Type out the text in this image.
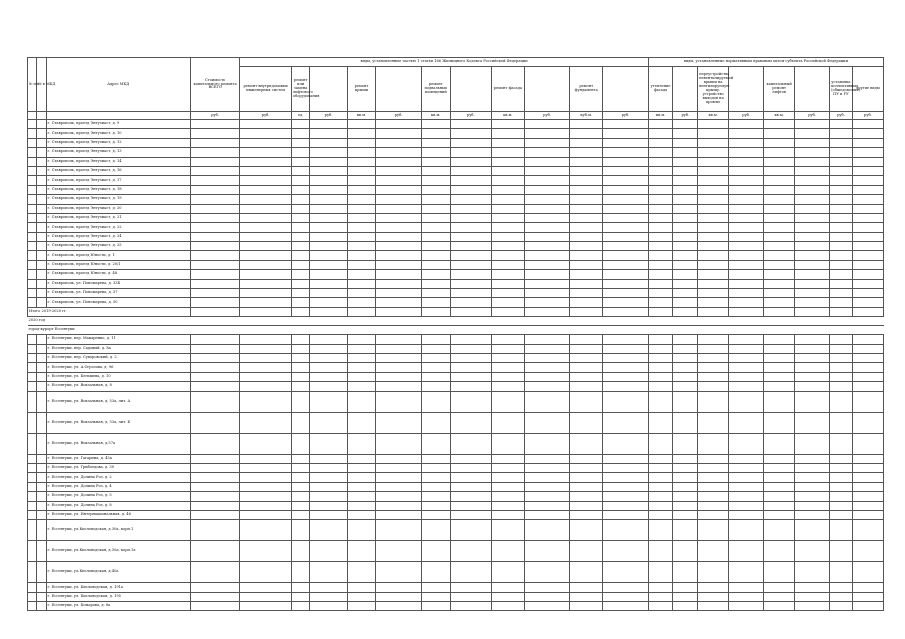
№ п/п	№ в МКД	Адрес МКД	Стоимость капитального ремонта ВСЕГО	виды, установленные частью 1 статьи 166 Жилищного Кодекса Российской Федерации											виды, установленные нормативным правовым актом субъекта Российской Федерации							
				ремонт внутридомовых инженерных систем	ремонт или замена лифтового оборудования		ремонт крыши		ремонт подвальных помещений		ремонт фасада		ремонт фундамента		утепление фасада		переустройство невентилируемой крыши на вентилируемую крышу, устройство выходов на кровлю		капитальный ремонт лифтов		установка коллективных (общедомовых) ПУ и УУ	другие виды
			руб.	руб.	ед.	руб.	кв.м.	руб.	кв.м.	руб.	кв.м.	руб.	куб.м.	руб.	кв.м.	руб.	кв.м.	руб.	кв.м.	руб.	руб.	руб.
		г. Ставрополь, проезд Энтузиаст, д. 9																				
		г. Ставрополь, проезд Энтузиаст, д. 10																				
		г. Ставрополь, проезд Энтузиаст, д. 12																				
		г. Ставрополь, проезд Энтузиаст, д. 13																				
		г. Ставрополь, проезд Энтузиаст, д. 14																				
		г. Ставрополь, проезд Энтузиаст, д. 16																				
		г. Ставрополь, проезд Энтузиаст, д. 17																				
		г. Ставрополь, проезд Энтузиаст, д. 18																				
		г. Ставрополь, проезд Энтузиаст, д. 19																				
		г. Ставрополь, проезд Энтузиаст, д. 20																				
		г. Ставрополь, проезд Энтузиаст, д. 21																				
		г. Ставрополь, проезд Энтузиаст, д. 22																				
		г. Ставрополь, проезд Энтузиаст, д. 24																				
		г. Ставрополь, проезд Энтузиаст, д. 25																				
		г. Ставрополь, проезд Юности, д. 1																				
		г. Ставрополь, проезд Юности, д. 20/1																				
		г. Ставрополь, проезд Юности, д. 48																				
		г. Ставрополь, ул. Пономарева, д. 33Б																				
		г. Ставрополь, ул. Пономарева, д. 37																				
		г. Ставрополь, ул. Пономарева, д. 50																				
Итого 2019-2020 гг.																						
2020 год																						
город-курорт Ессентуки																						
		г. Ессентуки, пер. Макаренко, д. 11																				
		г. Ессентуки, пер. Садовый, д. 8а																				
		г. Ессентуки, пер. Суворовский, д. 2																				
		г. Ессентуки, ул. А.Огрозова, д. 96																				
		г. Ессентуки, ул. Бегишева, д. 10																				
		г. Ессентуки, ул. Вокзальная, д. 8																				
		г. Ессентуки, ул. Вокзальная, д. 53а, лит. А																				
		г. Ессентуки, ул. Вокзальная, д. 53а, лит. Б																				
		г. Ессентуки, ул. Вокзальная, д.57а																				
		г. Ессентуки, ул. Гагарина, д. 43а																				
		г. Ессентуки, ул. Грибоедова, д. 30																				
		г. Ессентуки, ул. Долина Роз, д. 2																				
		г. Ессентуки, ул. Долина Роз, д. 4																				
		г. Ессентуки, ул. Долина Роз, д. 5																				
		г. Ессентуки, ул. Долина Роз, д. 8																				
		г. Ессентуки, ул. Интернациональная, д. 46																				
		г. Ессентуки, ул.Кисловодская, д.30а, корп.1																				
		г. Ессентуки, ул.Кисловодская, д.30а, корп.1а																				
		г. Ессентуки, ул.Кисловодская, д.40а																				
		г. Ессентуки, ул. Кисловодская, д. 191а																				
		г. Ессентуки, ул. Кисловодская, д. 195																				
		г. Ессентуки, ул. Комарова, д. 8а																				
